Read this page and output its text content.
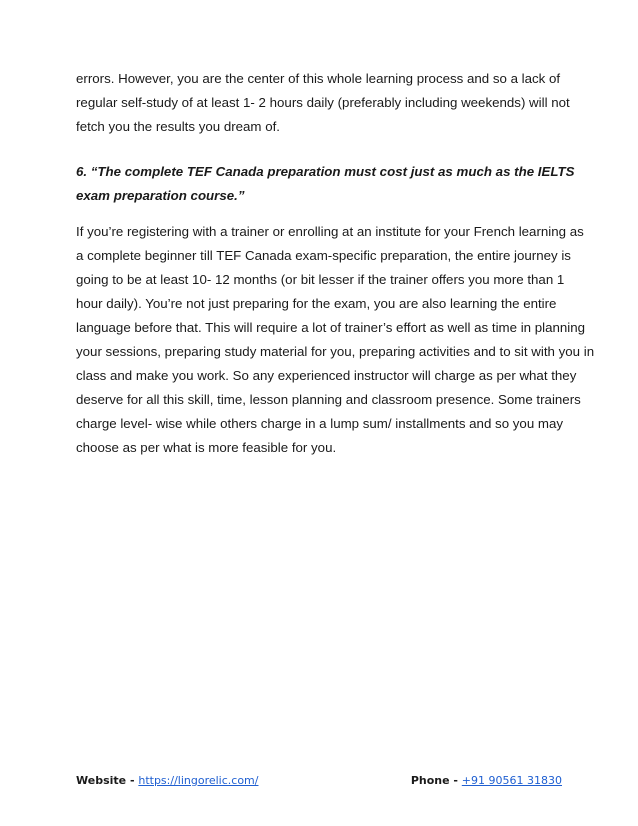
errors. However, you are the center of this whole learning process and so a lack of
regular self-study of at least 1- 2 hours daily (preferably including weekends) will not
fetch you the results you dream of.
6. “The complete TEF Canada preparation must cost just as much as the IELTS
exam preparation course.”
If you’re registering with a trainer or enrolling at an institute for your French learning as
a complete beginner till TEF Canada exam-specific preparation, the entire journey is
going to be at least 10- 12 months (or bit lesser if the trainer offers you more than 1
hour daily). You’re not just preparing for the exam, you are also learning the entire
language before that. This will require a lot of trainer’s effort as well as time in planning
your sessions, preparing study material for you, preparing activities and to sit with you in
class and make you work. So any experienced instructor will charge as per what they
deserve for all this skill, time, lesson planning and classroom presence. Some trainers
charge level- wise while others charge in a lump sum/ installments and so you may
choose as per what is more feasible for you.
Website - https://lingorelic.com/	Phone - +91 90561 31830
